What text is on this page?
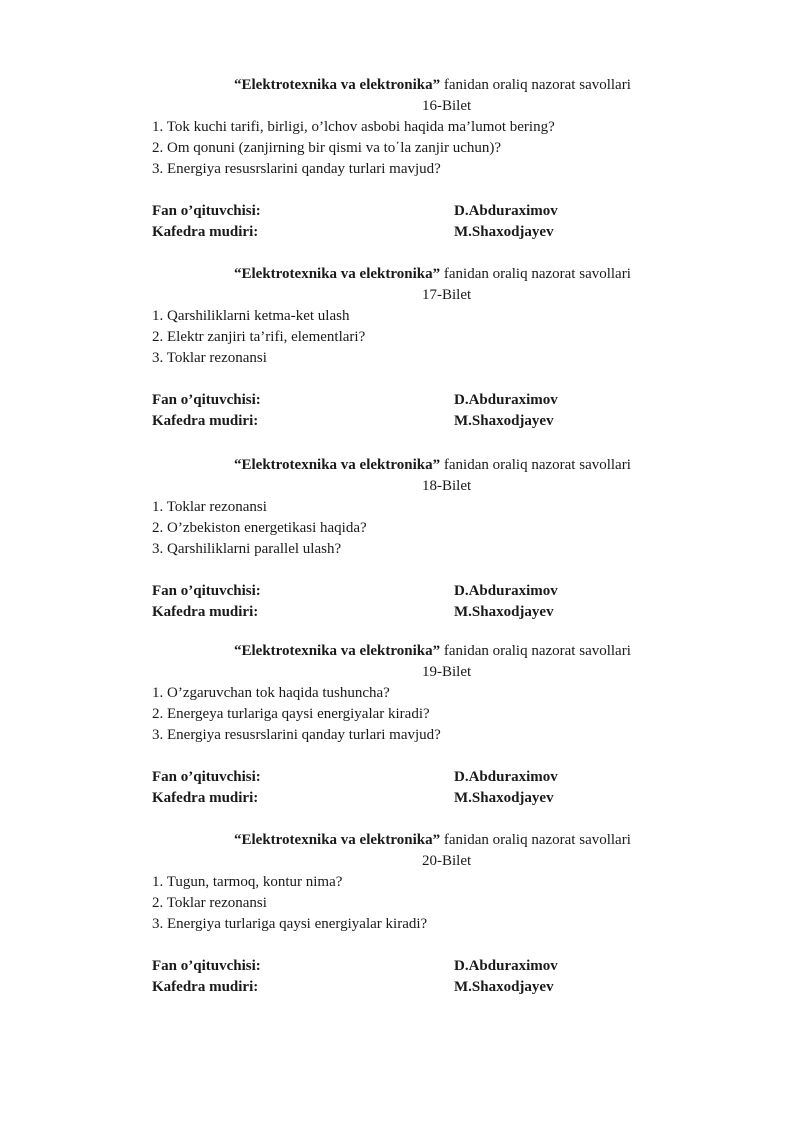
“Elektrotexnika va elektronika” fanidan oraliq nazorat savollari
16-Bilet
1. Tok kuchi tarifi, birligi, o’lchov asbobi haqida ma’lumot bering?
2. Om qonuni (zanjirning bir qismi va to΄la zanjir uchun)?
3. Energiya resusrslarini qanday turlari mavjud?
Fan o’qituvchisi:	D.Abduraximov
Kafedra mudiri:	M.Shaxodjayev
“Elektrotexnika va elektronika” fanidan oraliq nazorat savollari
17-Bilet
1. Qarshiliklarni ketma-ket ulash
2. Elektr zanjiri ta’rifi, elementlari?
3. Toklar rezonansi
Fan o’qituvchisi:	D.Abduraximov
Kafedra mudiri:	M.Shaxodjayev
“Elektrotexnika va elektronika” fanidan oraliq nazorat savollari
18-Bilet
1. Toklar rezonansi
2. O’zbekiston energetikasi haqida?
3. Qarshiliklarni parallel ulash?
Fan o’qituvchisi:	D.Abduraximov
Kafedra mudiri:	M.Shaxodjayev
“Elektrotexnika va elektronika” fanidan oraliq nazorat savollari
19-Bilet
1. O’zgaruvchan tok haqida tushuncha?
2. Energeya turlariga qaysi energiyalar kiradi?
3. Energiya resusrslarini qanday turlari mavjud?
Fan o’qituvchisi:	D.Abduraximov
Kafedra mudiri:	M.Shaxodjayev
“Elektrotexnika va elektronika” fanidan oraliq nazorat savollari
20-Bilet
1. Tugun, tarmoq, kontur nima?
2. Toklar rezonansi
3. Energiya turlariga qaysi energiyalar kiradi?
Fan o’qituvchisi:	D.Abduraximov
Kafedra mudiri:	M.Shaxodjayev
